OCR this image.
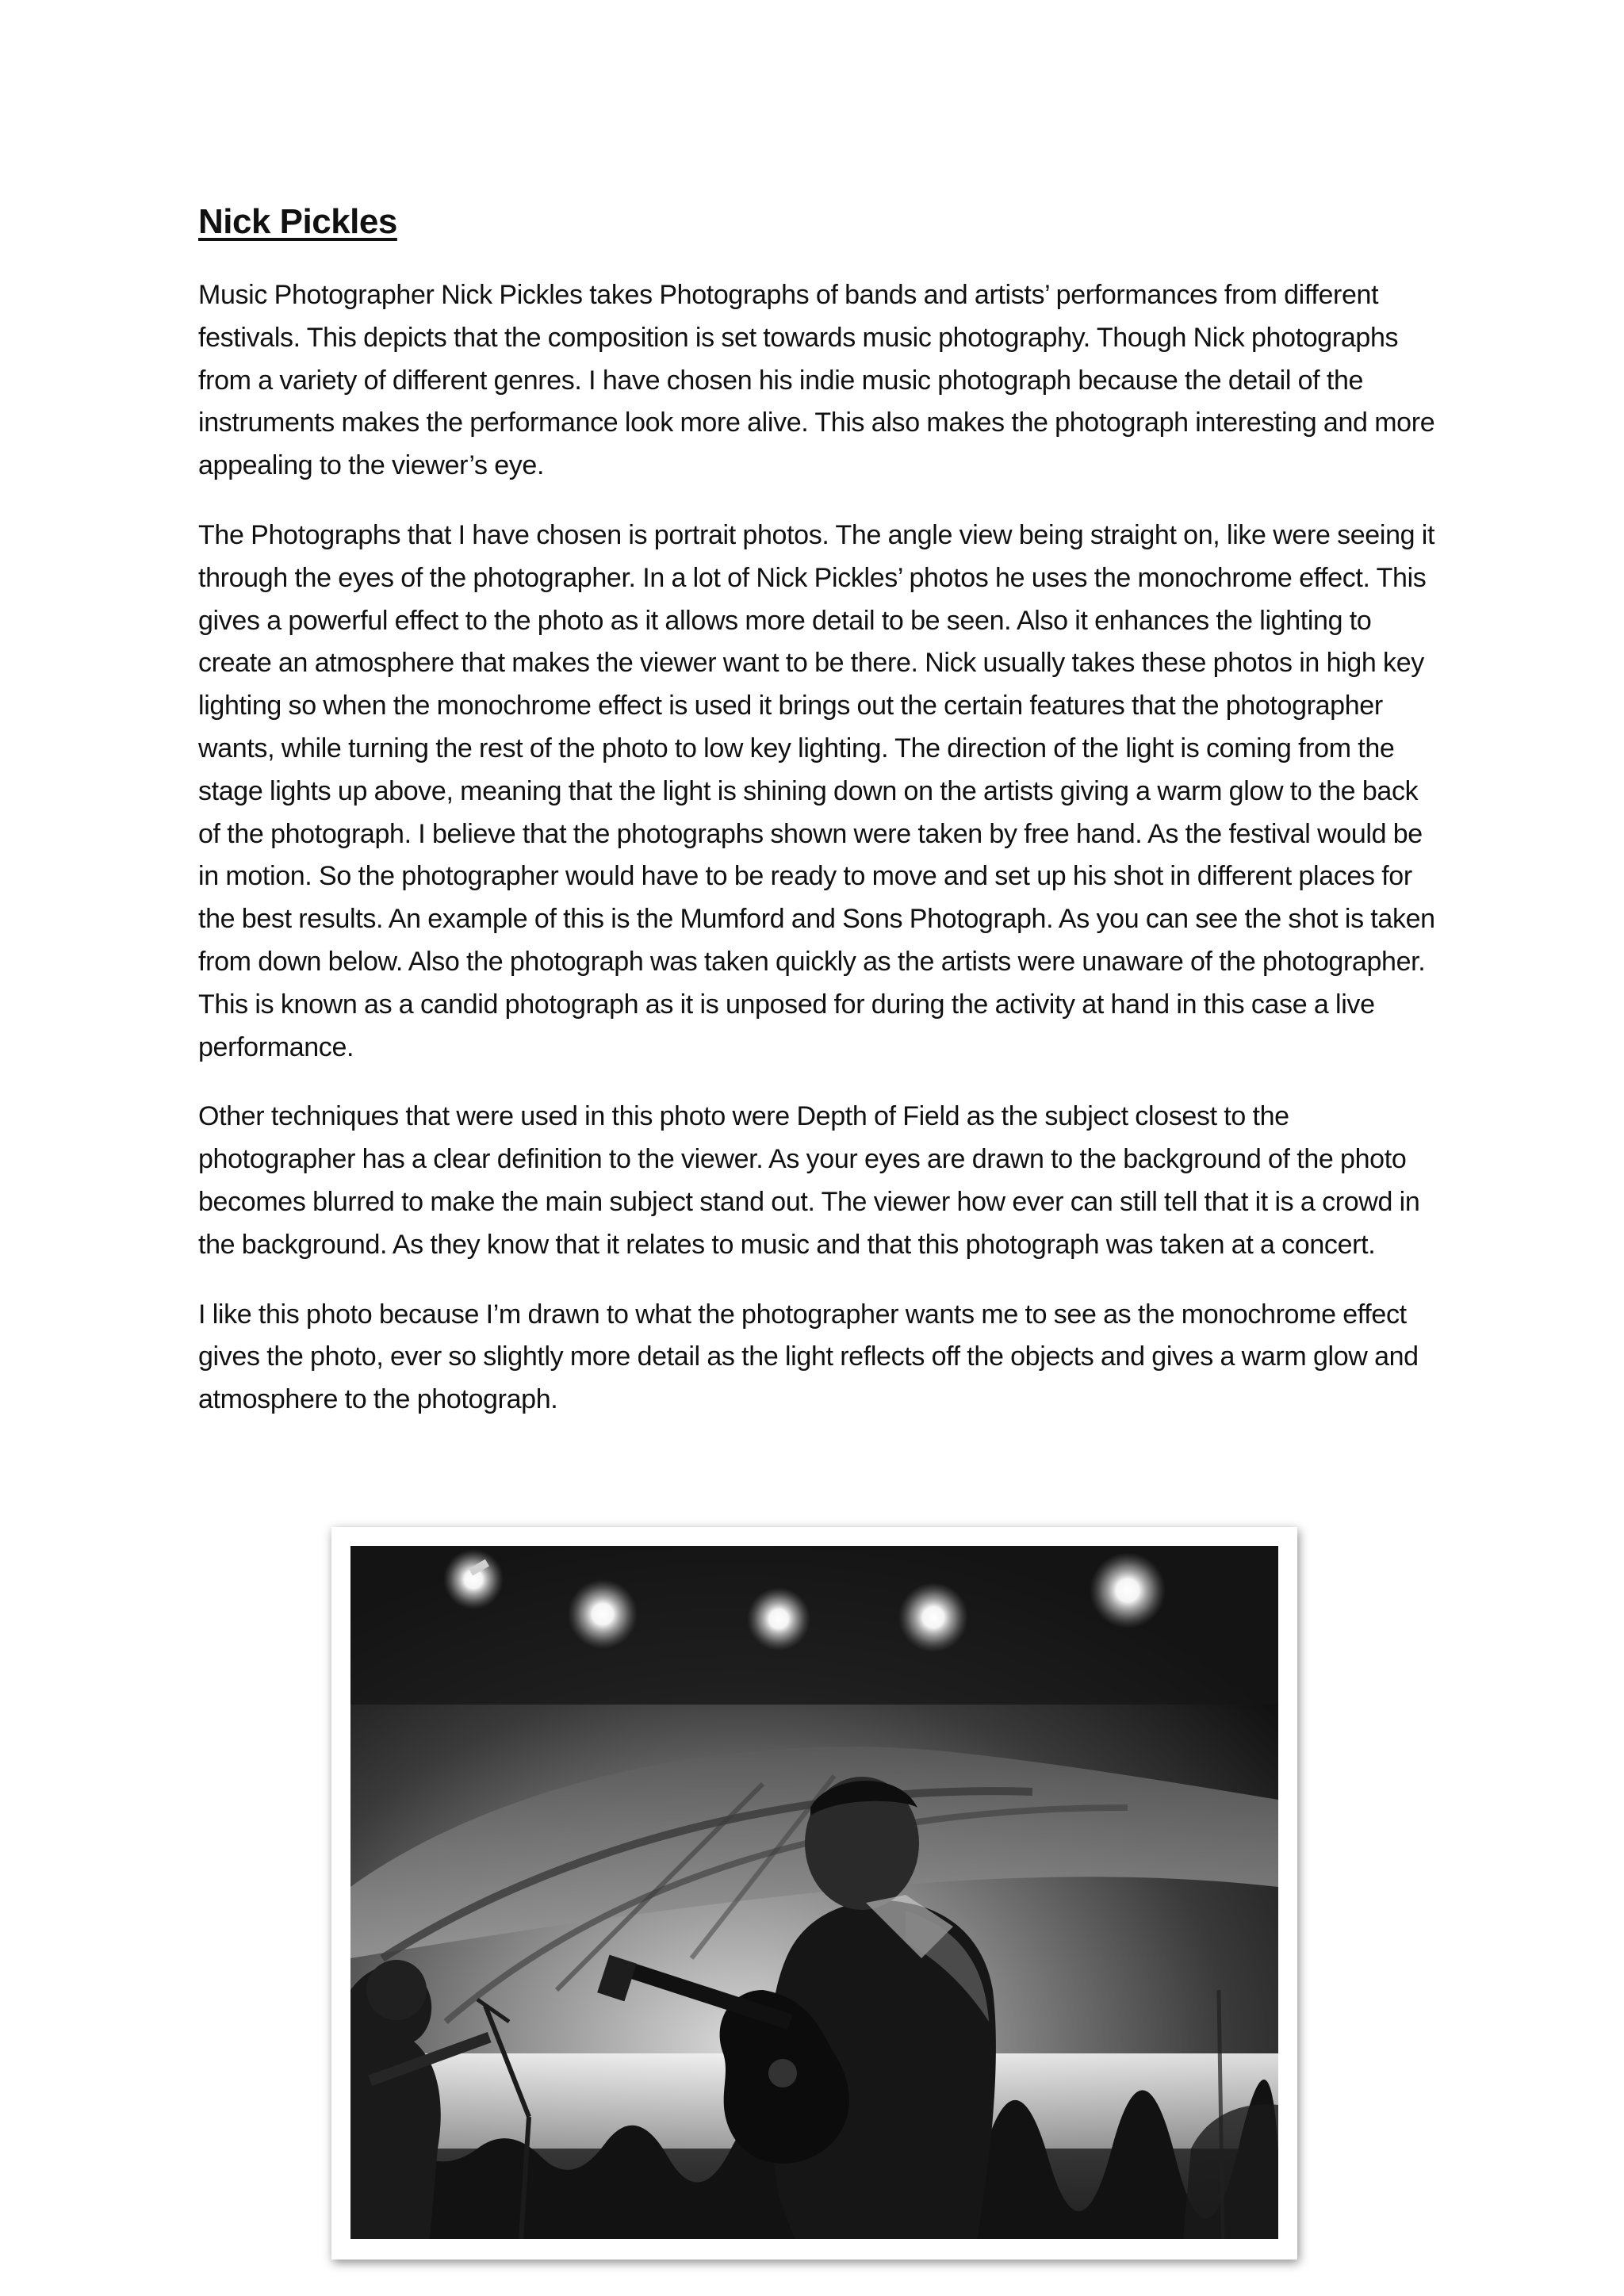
Nick Pickles

Music Photographer Nick Pickles takes Photographs of bands and artists’ performances from different festivals. This depicts that the composition is set towards music photography. Though Nick photographs from a variety of different genres. I have chosen his indie music photograph because the detail of the instruments makes the performance look more alive. This also makes the photograph interesting and more appealing to the viewer’s eye.

The Photographs that I have chosen is portrait photos. The angle view being straight on, like were seeing it through the eyes of the photographer. In a lot of Nick Pickles’ photos he uses the monochrome effect. This gives a powerful effect to the photo as it allows more detail to be seen. Also it enhances the lighting to create an atmosphere that makes the viewer want to be there. Nick usually takes these photos in high key lighting so when the monochrome effect is used it brings out the certain features that the photographer wants, while turning the rest of the photo to low key lighting. The direction of the light is coming from the stage lights up above, meaning that the light is shining down on the artists giving a warm glow to the back of the photograph. I believe that the photographs shown were taken by free hand. As the festival would be in motion. So the photographer would have to be ready to move and set up his shot in different places for the best results. An example of this is the Mumford and Sons Photograph. As you can see the shot is taken from down below. Also the photograph was taken quickly as the artists were unaware of the photographer. This is known as a candid photograph as it is unposed for during the activity at hand in this case a live performance.

Other techniques that were used in this photo were Depth of Field as the subject closest to the photographer has a clear definition to the viewer. As your eyes are drawn to the background of the photo becomes blurred to make the main subject stand out. The viewer how ever can still tell that it is a crowd in the background. As they know that it relates to music and that this photograph was taken at a concert.

I like this photo because I’m drawn to what the photographer wants me to see as the monochrome effect gives the photo, ever so slightly more detail as the light reflects off the objects and gives a warm glow and atmosphere to the photograph.
